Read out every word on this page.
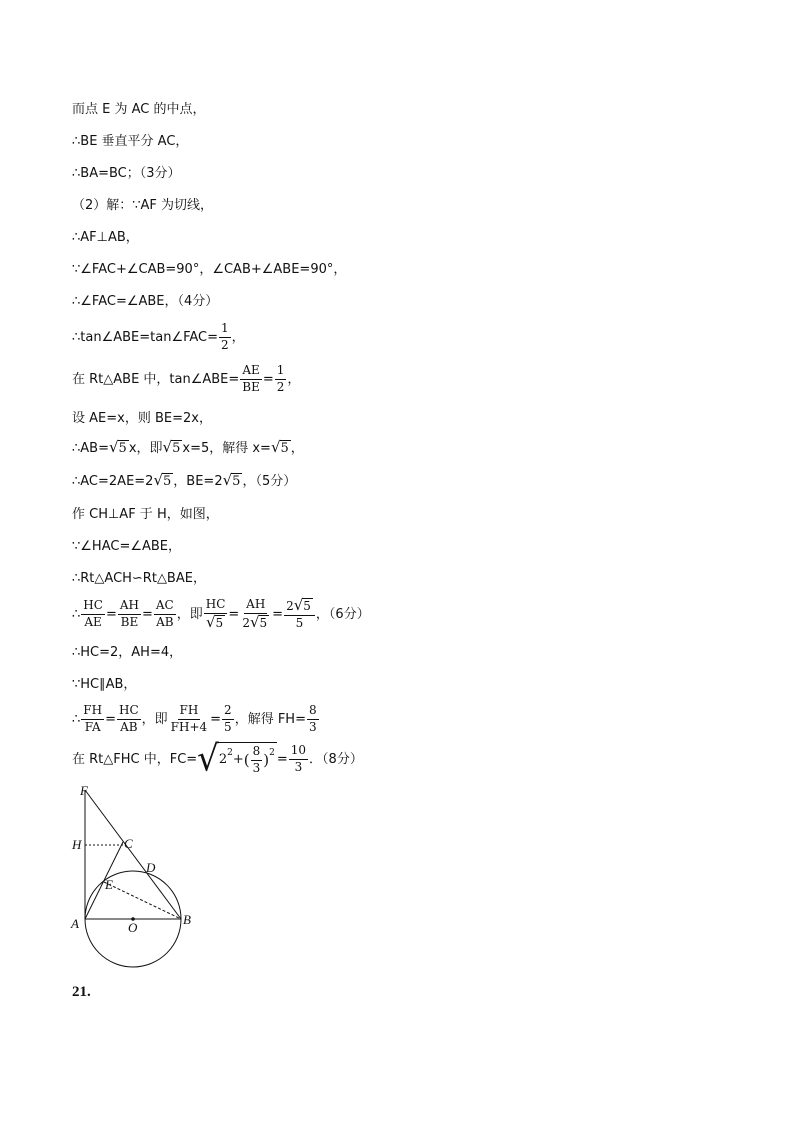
而点 E 为 AC 的中点，
∴BE 垂直平分 AC，
∴BA=BC；（3分）
（2）解：∵AF 为切线，
∴AF⊥AB，
∵∠FAC+∠CAB=90°，∠CAB+∠ABE=90°，
∴∠FAC=∠ABE，（4分）
∴tan∠ABE=tan∠FAC= $\frac{1}{2}$ ，
在 Rt△ABE 中，tan∠ABE= $\frac{AE}{BE} = \frac{1}{2}$ ，
设 AE=x，则 BE=2x，
∴AB= √ 5 x，即 √ 5 x=5，解得 x= √ 5 ，
∴AC=2AE=2 √ 5 ，BE=2 √ 5 ，（5分）
作 CH⊥AF 于 H，如图，
∵∠HAC=∠ABE，
∴Rt△ACH∽Rt△BAE，
∴ $\frac{HC}{AE} = \frac{AH}{BE} = \frac{AC}{AB}$ ，即 $\frac{HC}{√ 5} = \frac{AH}{2 √ 5} = \frac{2 √ 5}{5}$ ，（6分）
∴HC=2，AH=4，
∵HC∥AB，
∴ $\frac{FH}{FA} = \frac{HC}{AB}$ ，即 $\frac{FH}{FH+4} = \frac{2}{5}$ ，解得 $FH= \frac{8}{3}$
在 Rt△FHC 中，FC= √ 2 2 + ( $\frac{8}{3}$ ) $2 = \frac{10}{3}$ ．（8分）
F
H	C
D
E
A	O
B
21.
